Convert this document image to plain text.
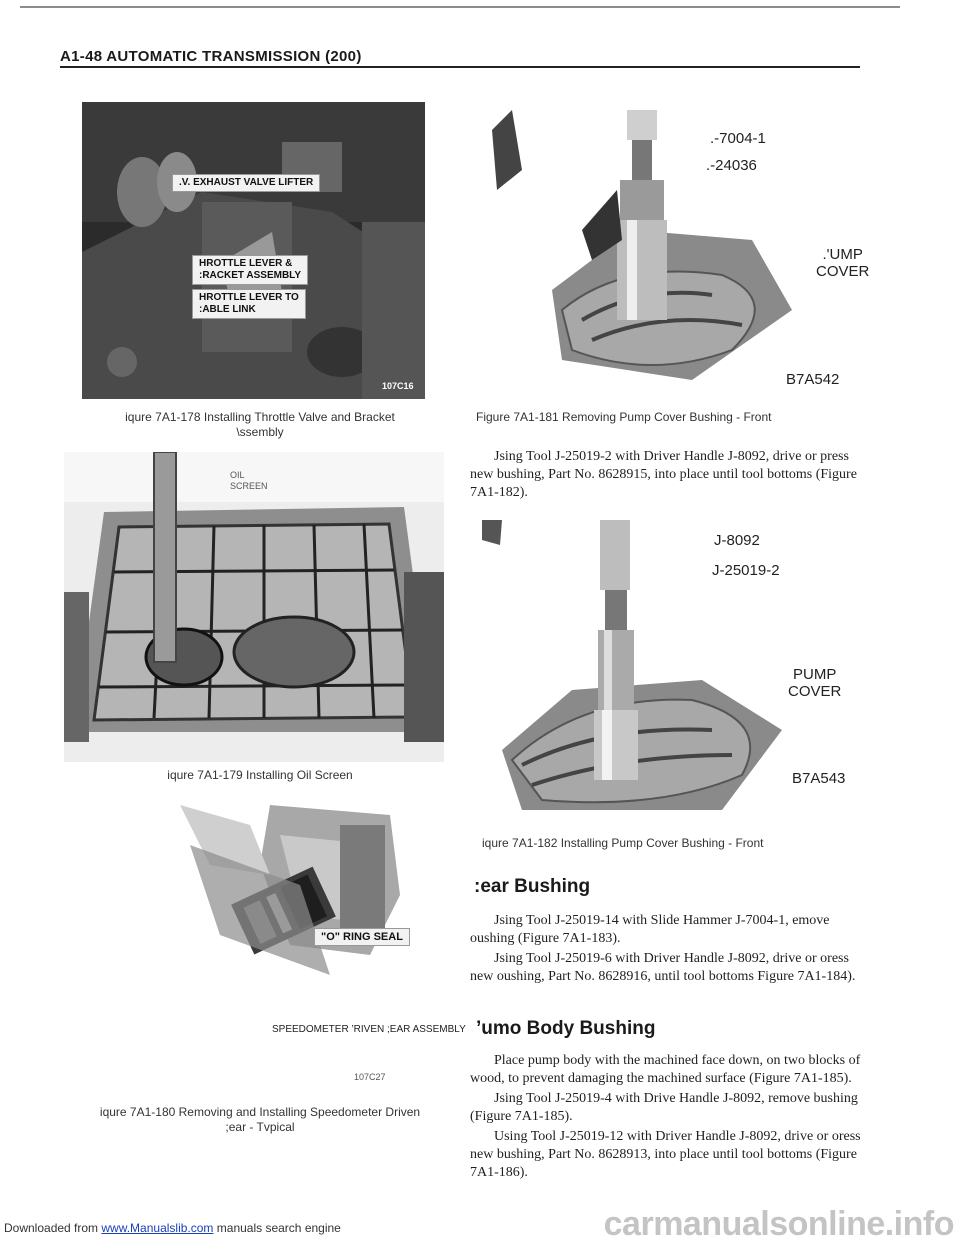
A1-48 AUTOMATIC TRANSMISSION (200)
.V. EXHAUST VALVE LIFTER
HROTTLE LEVER &
:RACKET ASSEMBLY
HROTTLE LEVER TO
:ABLE LINK
107C16
iqure 7A1-178 Installing Throttle Valve and Bracket
\ssembly
OIL
SCREEN
iqure 7A1-179 Installing Oil Screen
"O" RING SEAL
SPEEDOMETER ’RIVEN ;EAR ASSEMBLY
107C27
iqure 7A1-180 Removing and Installing Speedometer Driven
;ear - Tvpical
.-7004-1
.-24036
.'UMP
COVER
B7A542
Figure 7A1-181 Removing Pump Cover Bushing - Front

Jsing Tool J-25019-2 with Driver Handle J-8092, drive or press new bushing, Part No. 8628915, into place until tool bottoms (Figure 7A1-182).

J-8092
J-25019-2
PUMP
COVER
B7A543
iqure 7A1-182 Installing Pump Cover Bushing - Front
:ear Bushing

Jsing Tool J-25019-14 with Slide Hammer J-7004-1, emove oushing (Figure 7A1-183).

Jsing Tool J-25019-6 with Driver Handle J-8092, drive or oress new oushing, Part No. 8628916, until tool bottoms Figure 7A1-184).

’umo Body Bushing

Place pump body with the machined face down, on two blocks of wood, to prevent damaging the machined surface (Figure 7A1-185).

Jsing Tool J-25019-4 with Drive Handle J-8092, remove bushing (Figure 7A1-185).

Using Tool J-25019-12 with Driver Handle J-8092, drive or oress new bushing, Part No. 8628913, into place until tool bottoms (Figure 7A1-186).

Downloaded from www.Manualslib.com manuals search engine	carmanualsonline.info
